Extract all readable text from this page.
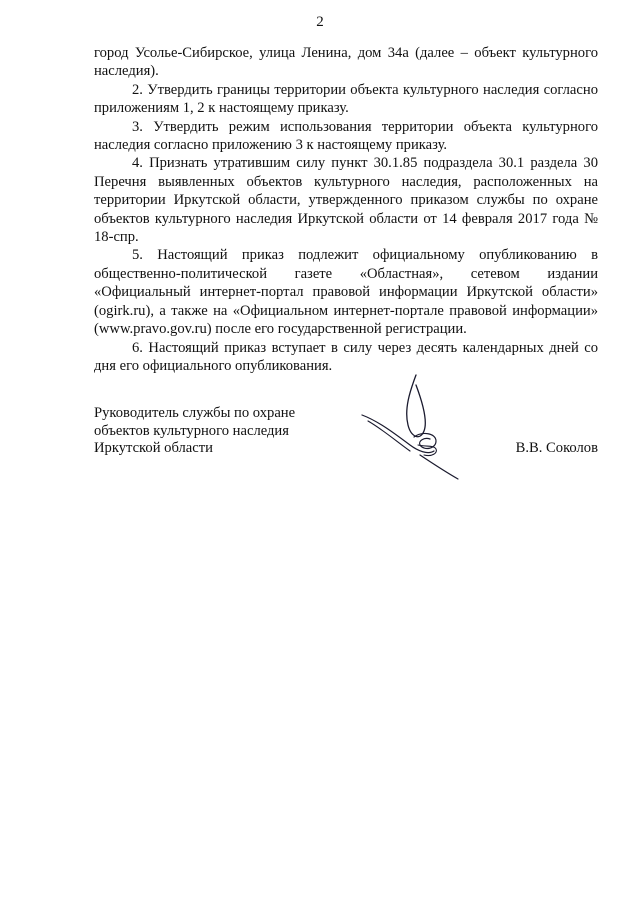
2

город Усолье-Сибирское, улица Ленина, дом 34а (далее – объект культурного наследия).

2. Утвердить границы территории объекта культурного наследия согласно приложениям 1, 2 к настоящему приказу.

3. Утвердить режим использования территории объекта культурного наследия согласно приложению 3 к настоящему приказу.

4. Признать утратившим силу пункт 30.1.85 подраздела 30.1 раздела 30 Перечня выявленных объектов культурного наследия, расположенных на территории Иркутской области, утвержденного приказом службы по охране объектов культурного наследия Иркутской области от 14 февраля 2017 года № 18-спр.

5. Настоящий приказ подлежит официальному опубликованию в общественно-политической газете «Областная», сетевом издании «Официальный интернет-портал правовой информации Иркутской области» (ogirk.ru), а также на «Официальном интернет-портале правовой информации» (www.pravo.gov.ru) после его государственной регистрации.

6. Настоящий приказ вступает в силу через десять календарных дней со дня его официального опубликования.

Руководитель службы по охране
объектов культурного наследия
Иркутской области	В.В. Соколов
